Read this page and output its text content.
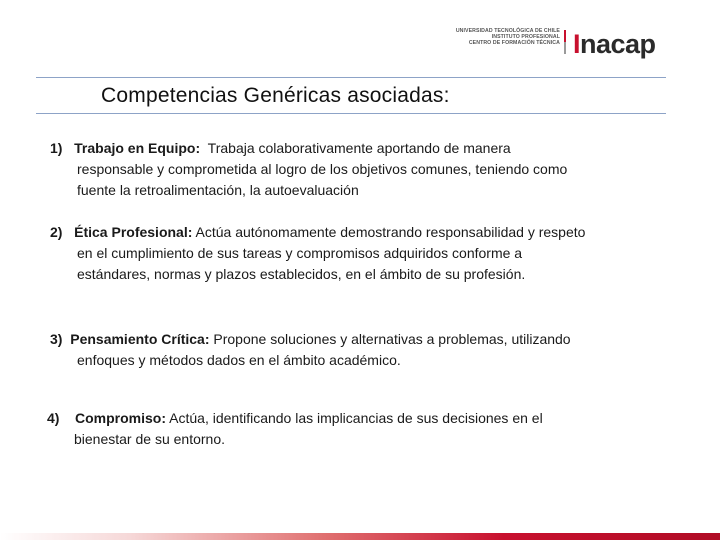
UNIVERSIDAD TECNOLÓGICA DE CHILE
INSTITUTO PROFESIONAL
CENTRO DE FORMACIÓN TÉCNICA Inacap
Competencias Genéricas asociadas:
1) Trabajo en Equipo: Trabaja colaborativamente aportando de manera
responsable y comprometida al logro de los objetivos comunes, teniendo como
fuente la retroalimentación, la autoevaluación
2) Ética Profesional: Actúa autónomamente demostrando responsabilidad y respeto
en el cumplimiento de sus tareas y compromisos adquiridos conforme a
estándares, normas y plazos establecidos, en el ámbito de su profesión.
3) Pensamiento Crítica: Propone soluciones y alternativas a problemas, utilizando
enfoques y métodos dados en el ámbito académico.
4) Compromiso: Actúa, identificando las implicancias de sus decisiones en el
bienestar de su entorno.
